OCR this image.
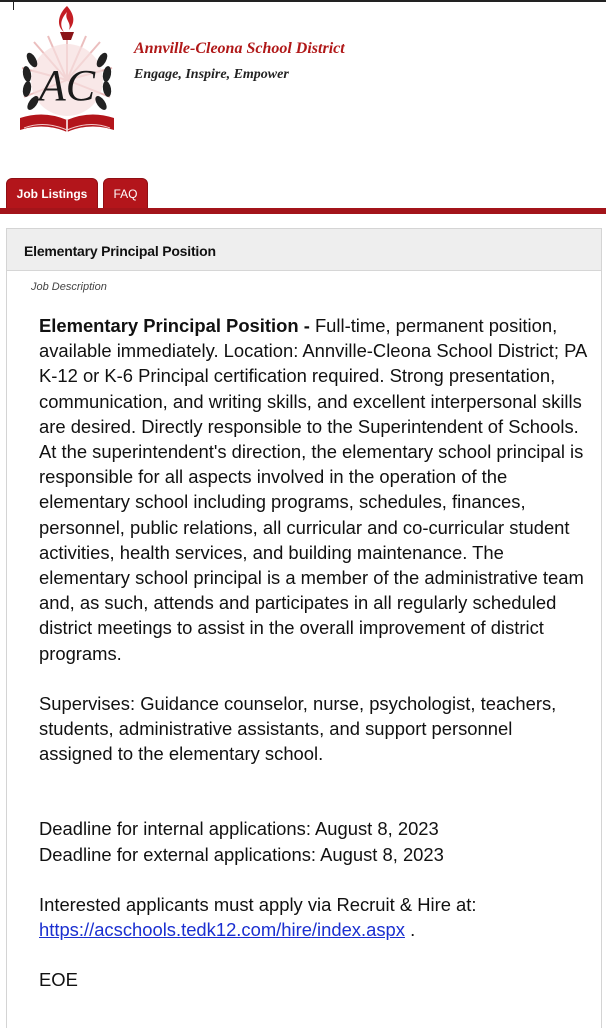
AC
Annville-Cleona School District
Engage, Inspire, Empower
Job Listings	FAQ
Elementary Principal Position
Job Description

Elementary Principal Position - Full-time, permanent position, available immediately. Location: Annville-Cleona School District; PA K-12 or K-6 Principal certification required. Strong presentation, communication, and writing skills, and excellent interpersonal skills are desired. Directly responsible to the Superintendent of Schools. At the superintendent's direction, the elementary school principal is responsible for all aspects involved in the operation of the elementary school including programs, schedules, finances, personnel, public relations, all curricular and co-curricular student activities, health services, and building maintenance. The elementary school principal is a member of the administrative team and, as such, attends and participates in all regularly scheduled district meetings to assist in the overall improvement of district programs.

Supervises: Guidance counselor, nurse, psychologist, teachers, students, administrative assistants, and support personnel assigned to the elementary school.

Deadline for internal applications: August 8, 2023

Deadline for external applications: August 8, 2023

Interested applicants must apply via Recruit & Hire at: https://acschools.tedk12.com/hire/index.aspx .

EOE
